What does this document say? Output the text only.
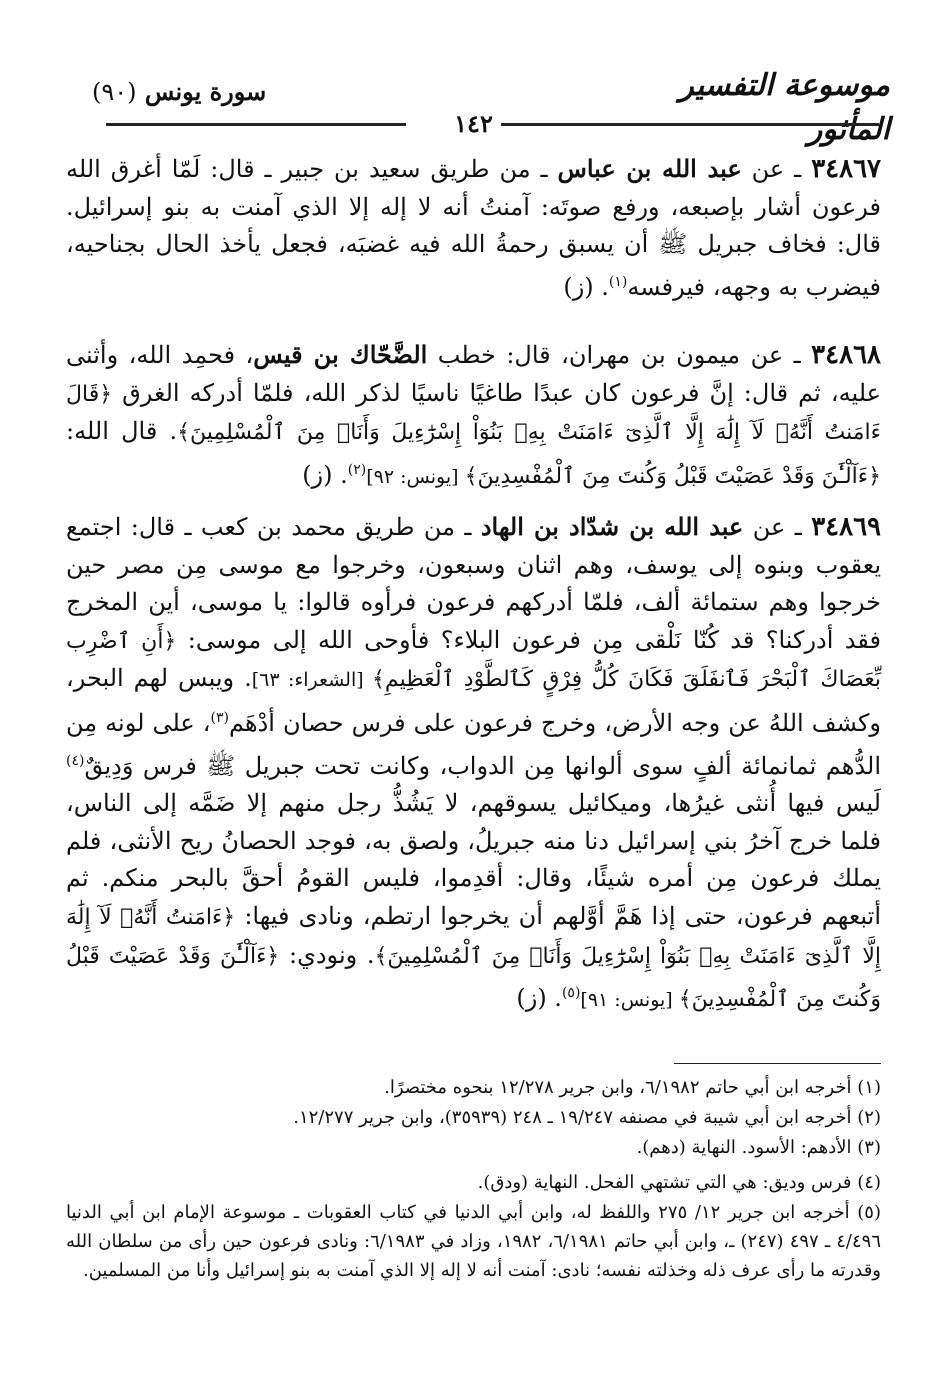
موسوعة التفسير المأثور
سورة يونس (٩٠)
١٤٢
٣٤٨٦٧ ـ عن عبد الله بن عباس ـ من طريق سعيد بن جبير ـ قال: لَمّا أغرق الله فرعون أشار بإصبعه، ورفع صوتَه: آمنتُ أنه لا إله إلا الذي آمنت به بنو إسرائيل. قال: فخاف جبريل ﷺ أن يسبق رحمةُ الله فيه غضبَه، فجعل يأخذ الحال بجناحيه، فيضرب به وجهه، فيرفسه$^{(١)}$. (ز)
٣٤٨٦٨ ـ عن ميمون بن مهران، قال: خطب الضَّحّاك بن قيس، فحمِد الله، وأثنى عليه، ثم قال: إنَّ فرعون كان عبدًا طاغيًا ناسيًا لذكر الله، فلمّا أدركه الغرق ﴿قَالَ ءَامَنتُ أَنَّهُۥ لَآ إِلَٰهَ إِلَّا ٱلَّذِىٓ ءَامَنَتْ بِهِۦ بَنُوٓاْ إِسْرَٰٓءِيلَ وَأَنَا۠ مِنَ ٱلْمُسْلِمِينَ﴾. قال الله: ﴿ءَآلْـَٰٔنَ وَقَدْ عَصَيْتَ قَبْلُ وَكُنتَ مِنَ ٱلْمُفْسِدِينَ﴾ [يونس: ٩٢]$^{(٢)}$. (ز)
٣٤٨٦٩ ـ عن عبد الله بن شدّاد بن الهاد ـ من طريق محمد بن كعب ـ قال: اجتمع يعقوب وبنوه إلى يوسف، وهم اثنان وسبعون، وخرجوا مع موسى مِن مصر حين خرجوا وهم ستمائة ألف، فلمّا أدركهم فرعون فرأوه قالوا: يا موسى، أين المخرج فقد أدركنا؟ قد كُنّا نَلْقى مِن فرعون البلاء؟ فأوحى الله إلى موسى: ﴿أَنِ ٱضْرِب بِّعَصَاكَ ٱلْبَحْرَ فَٱنفَلَقَ فَكَانَ كُلُّ فِرْقٍ كَٱلطَّوْدِ ٱلْعَظِيمِ﴾ [الشعراء: ٦٣]. ويبس لهم البحر، وكشف اللهُ عن وجه الأرض، وخرج فرعون على فرس حصان أدْهَم$^{(٣)}$، على لونه مِن الدُّهم ثمانمائة ألفٍ سوى ألوانها مِن الدواب، وكانت تحت جبريل ﷺ فرس وَدِيقٌ$^{(٤)}$ لَيس فيها أُنثى غيرُها، وميكائيل يسوقهم، لا يَشُذُّ رجل منهم إلا ضَمَّه إلى الناس، فلما خرج آخرُ بني إسرائيل دنا منه جبريلُ، ولصق به، فوجد الحصانُ ريح الأنثى، فلم يملك فرعون مِن أمره شيئًا، وقال: أقدِموا، فليس القومُ أحقَّ بالبحر منكم. ثم أتبعهم فرعون، حتى إذا هَمَّ أوَّلهم أن يخرجوا ارتطم، ونادى فيها: ﴿ءَامَنتُ أَنَّهُۥ لَآ إِلَٰهَ إِلَّا ٱلَّذِىٓ ءَامَنَتْ بِهِۦ بَنُوٓاْ إِسْرَٰٓءِيلَ وَأَنَا۠ مِنَ ٱلْمُسْلِمِينَ﴾. ونودي: ﴿ءَآلْـَٰٔنَ وَقَدْ عَصَيْتَ قَبْلُ وَكُنتَ مِنَ ٱلْمُفْسِدِينَ﴾ [يونس: ٩١]$^{(٥)}$. (ز)
(١) أخرجه ابن أبي حاتم ٦/١٩٨٢، وابن جرير ١٢/٢٧٨ بنحوه مختصرًا.
(٢) أخرجه ابن أبي شيبة في مصنفه ١٩/٢٤٧ ـ ٢٤٨ (٣٥٩٣٩)، وابن جرير ١٢/٢٧٧.
(٣) الأدهم: الأسود. النهاية (دهم).
(٤) فرس وديق: هي التي تشتهي الفحل. النهاية (ودق).
(٥) أخرجه ابن جرير ١٢/ ٢٧٥ واللفظ له، وابن أبي الدنيا في كتاب العقوبات ـ موسوعة الإمام ابن أبي الدنيا ٤/٤٩٦ ـ ٤٩٧ (٢٤٧) ـ، وابن أبي حاتم ٦/١٩٨١، ١٩٨٢، وزاد في ٦/١٩٨٣: ونادى فرعون حين رأى من سلطان الله وقدرته ما رأى عرف ذله وخذلته نفسه؛ نادى: آمنت أنه لا إله إلا الذي آمنت به بنو إسرائيل وأنا من المسلمين.
